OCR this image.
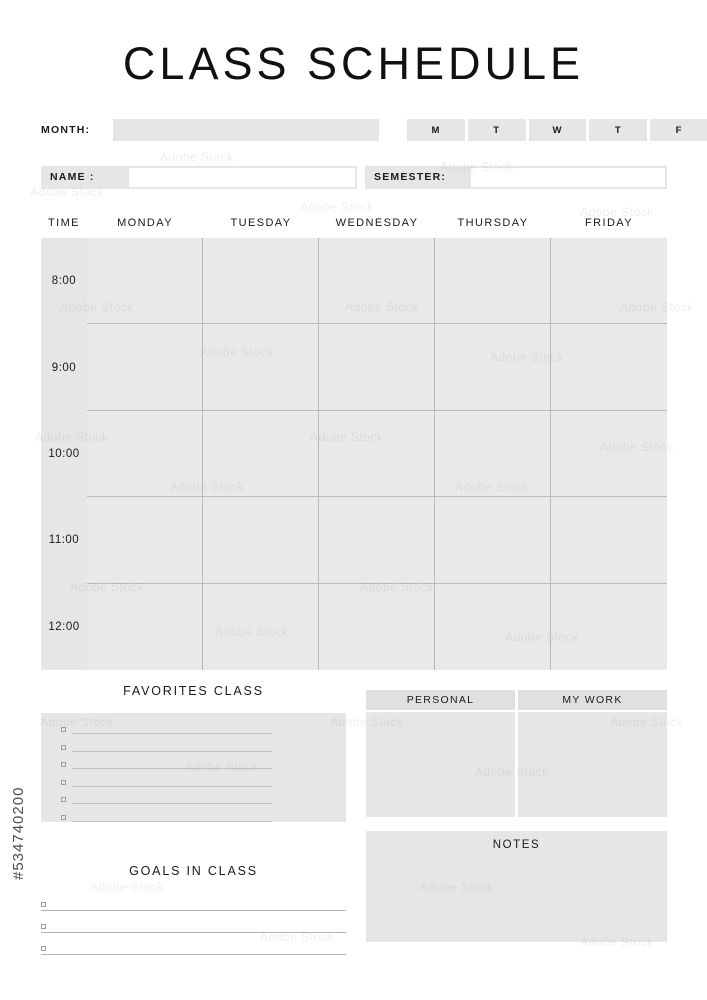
CLASS SCHEDULE
MONTH:	M	T	W	T	F
NAME :	SEMESTER:
TIME	MONDAY	TUESDAY	WEDNESDAY	THURSDAY	FRIDAY
8:00
9:00
10:00
11:00
12:00
FAVORITES CLASS
GOALS IN CLASS
PERSONAL	MY WORK
NOTES
Adobe Stock
Adobe Stock
Adobe Stock	Adobe Stock
Stock
Adobe	Stock
Adobe Stock
Adobe Stock	Adobe Stock
#534740200
